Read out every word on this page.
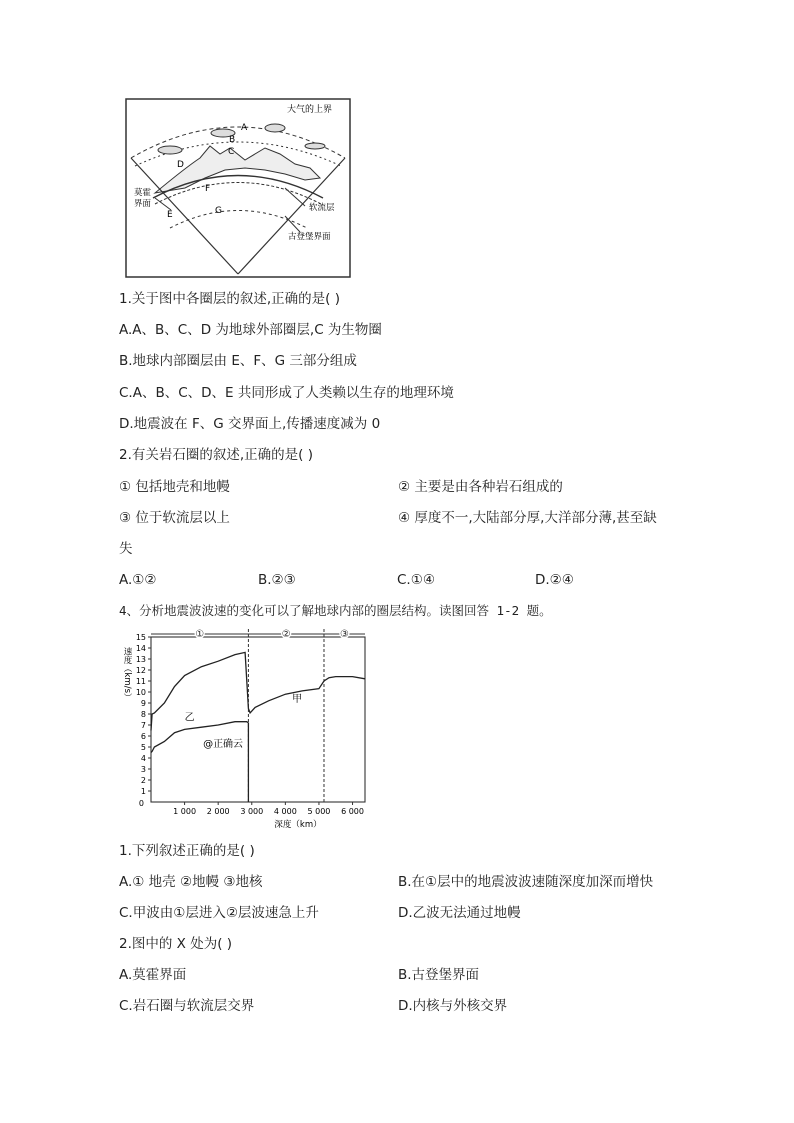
大气的上界
A
B
C
D
F
E	G
莫霍
界面	软流层
古登堡界面
1.关于图中各圈层的叙述,正确的是( )
A.A、B、C、D 为地球外部圈层,C 为生物圈
B.地球内部圈层由 E、F、G 三部分组成
C.A、B、C、D、E 共同形成了人类赖以生存的地理环境
D.地震波在 F、G 交界面上,传播速度减为 0
2.有关岩石圈的叙述,正确的是( )
① 包括地壳和地幔	② 主要是由各种岩石组成的
③ 位于软流层以上	④ 厚度不一,大陆部分厚,大洋部分薄,甚至缺
失
A.①②	B.②③	C.①④	D.②④
4、分析地震波波速的变化可以了解地球内部的圈层结构。读图回答 1-2 题。
1
2
3
4
5
6
7
8
9
10
11
12
13
14
15
1 000 2 000 3 000 4 000 5 000 6 000
0
深度（km）
速度（km/s）
①	②	③
甲
乙
@正确云
1.下列叙述正确的是( )
A.① 地壳 ②地幔 ③地核	B.在①层中的地震波波速随深度加深而增快
C.甲波由①层进入②层波速急上升	D.乙波无法通过地幔
2.图中的 X 处为( )
A.莫霍界面	B.古登堡界面
C.岩石圈与软流层交界	D.内核与外核交界
